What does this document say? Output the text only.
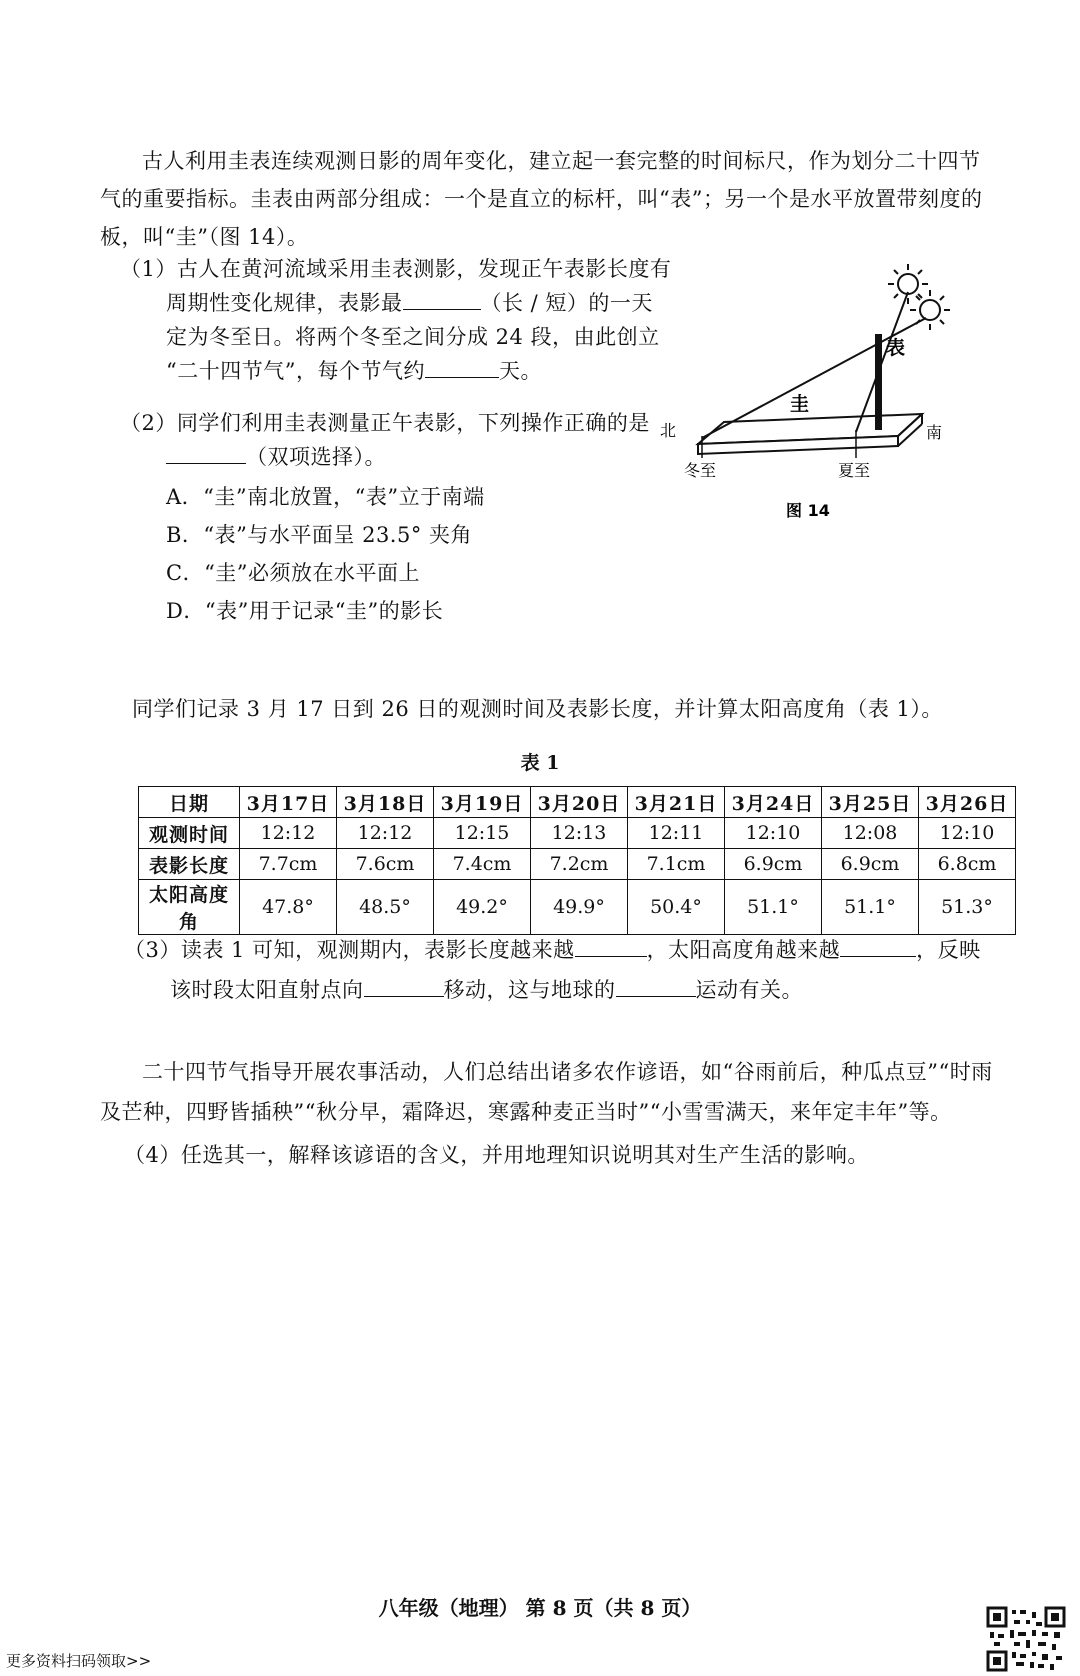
古人利用圭表连续观测日影的周年变化，建立起一套完整的时间标尺，作为划分二十四节气的重要指标。圭表由两部分组成：一个是直立的标杆，叫“表”；另一个是水平放置带刻度的板，叫“圭”（图 14）。
（1）古人在黄河流域采用圭表测影，发现正午表影长度有
周期性变化规律，表影最	（长 / 短）的一天
定为冬至日。将两个冬至之间分成 24 段，由此创立
“二十四节气”，每个节气约	天。
（2）同学们利用圭表测量正午表影，下列操作正确的是
（双项选择）。
A．“圭”南北放置，“表”立于南端
B．“表”与水平面呈 23.5° 夹角
C．“圭”必须放在水平面上
D．“表”用于记录“圭”的影长
表
圭
北	南
冬至	夏至
图 14
同学们记录 3 月 17 日到 26 日的观测时间及表影长度，并计算太阳高度角（表 1）。
表 1
日期	3月17日	3月18日	3月19日	3月20日	3月21日	3月24日	3月25日	3月26日
观测时间	12:12	12:12	12:15	12:13	12:11	12:10	12:08	12:10
表影长度	7.7cm	7.6cm	7.4cm	7.2cm	7.1cm	6.9cm	6.9cm	6.8cm
太阳高度角	47.8°	48.5°	49.2°	49.9°	50.4°	51.1°	51.1°	51.3°
（3）读表 1 可知，观测期内，表影长度越来越	，太阳高度角越来越	，反映
该时段太阳直射点向	移动，这与地球的	运动有关。
二十四节气指导开展农事活动，人们总结出诸多农作谚语，如“谷雨前后，种瓜点豆”“时雨及芒种，四野皆插秧”“秋分早，霜降迟，寒露种麦正当时”“小雪雪满天，来年定丰年”等。
（4）任选其一，解释该谚语的含义，并用地理知识说明其对生产生活的影响。
八年级（地理） 第 8 页（共 8 页）
更多资料扫码领取>>
